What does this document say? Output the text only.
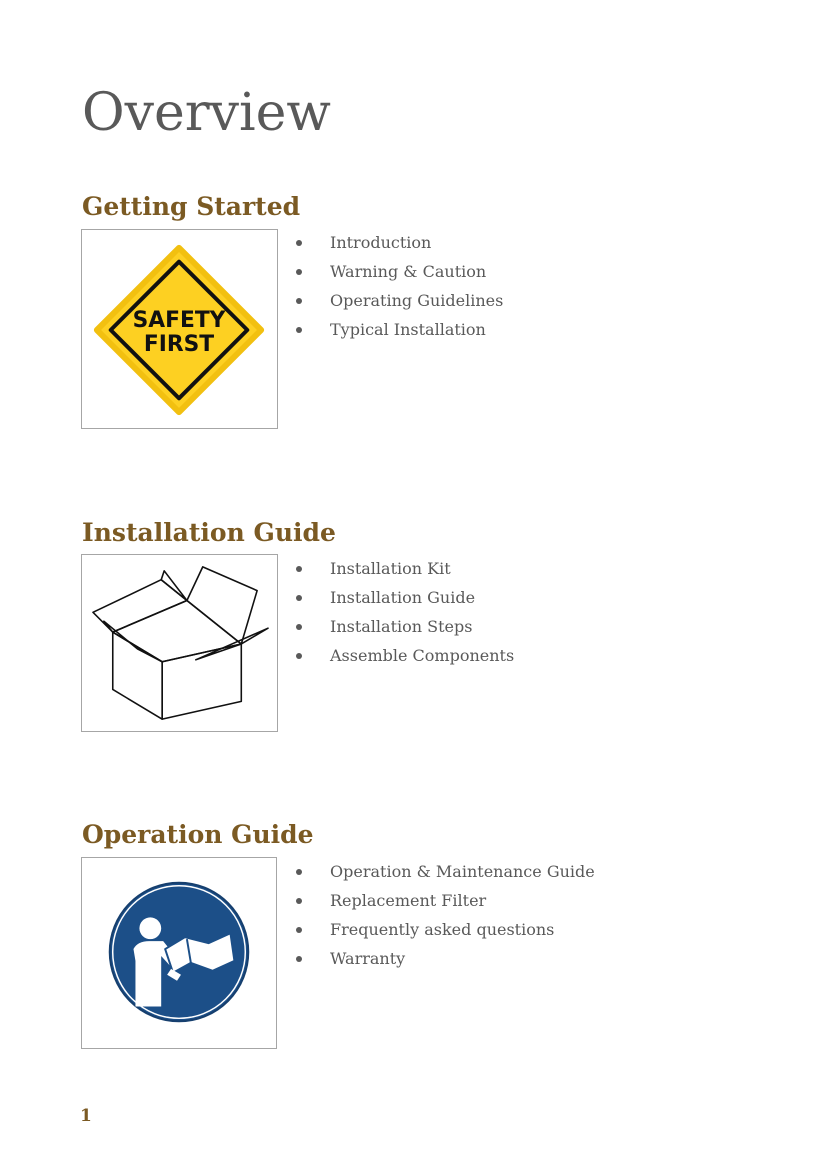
Overview
Getting Started
SAFETY
FIRST
Introduction
Warning & Caution
Operating Guidelines
Typical Installation
Installation Guide
Installation Kit
Installation Guide
Installation Steps
Assemble Components
Operation Guide
Operation & Maintenance Guide
Replacement Filter
Frequently asked questions
Warranty
1
